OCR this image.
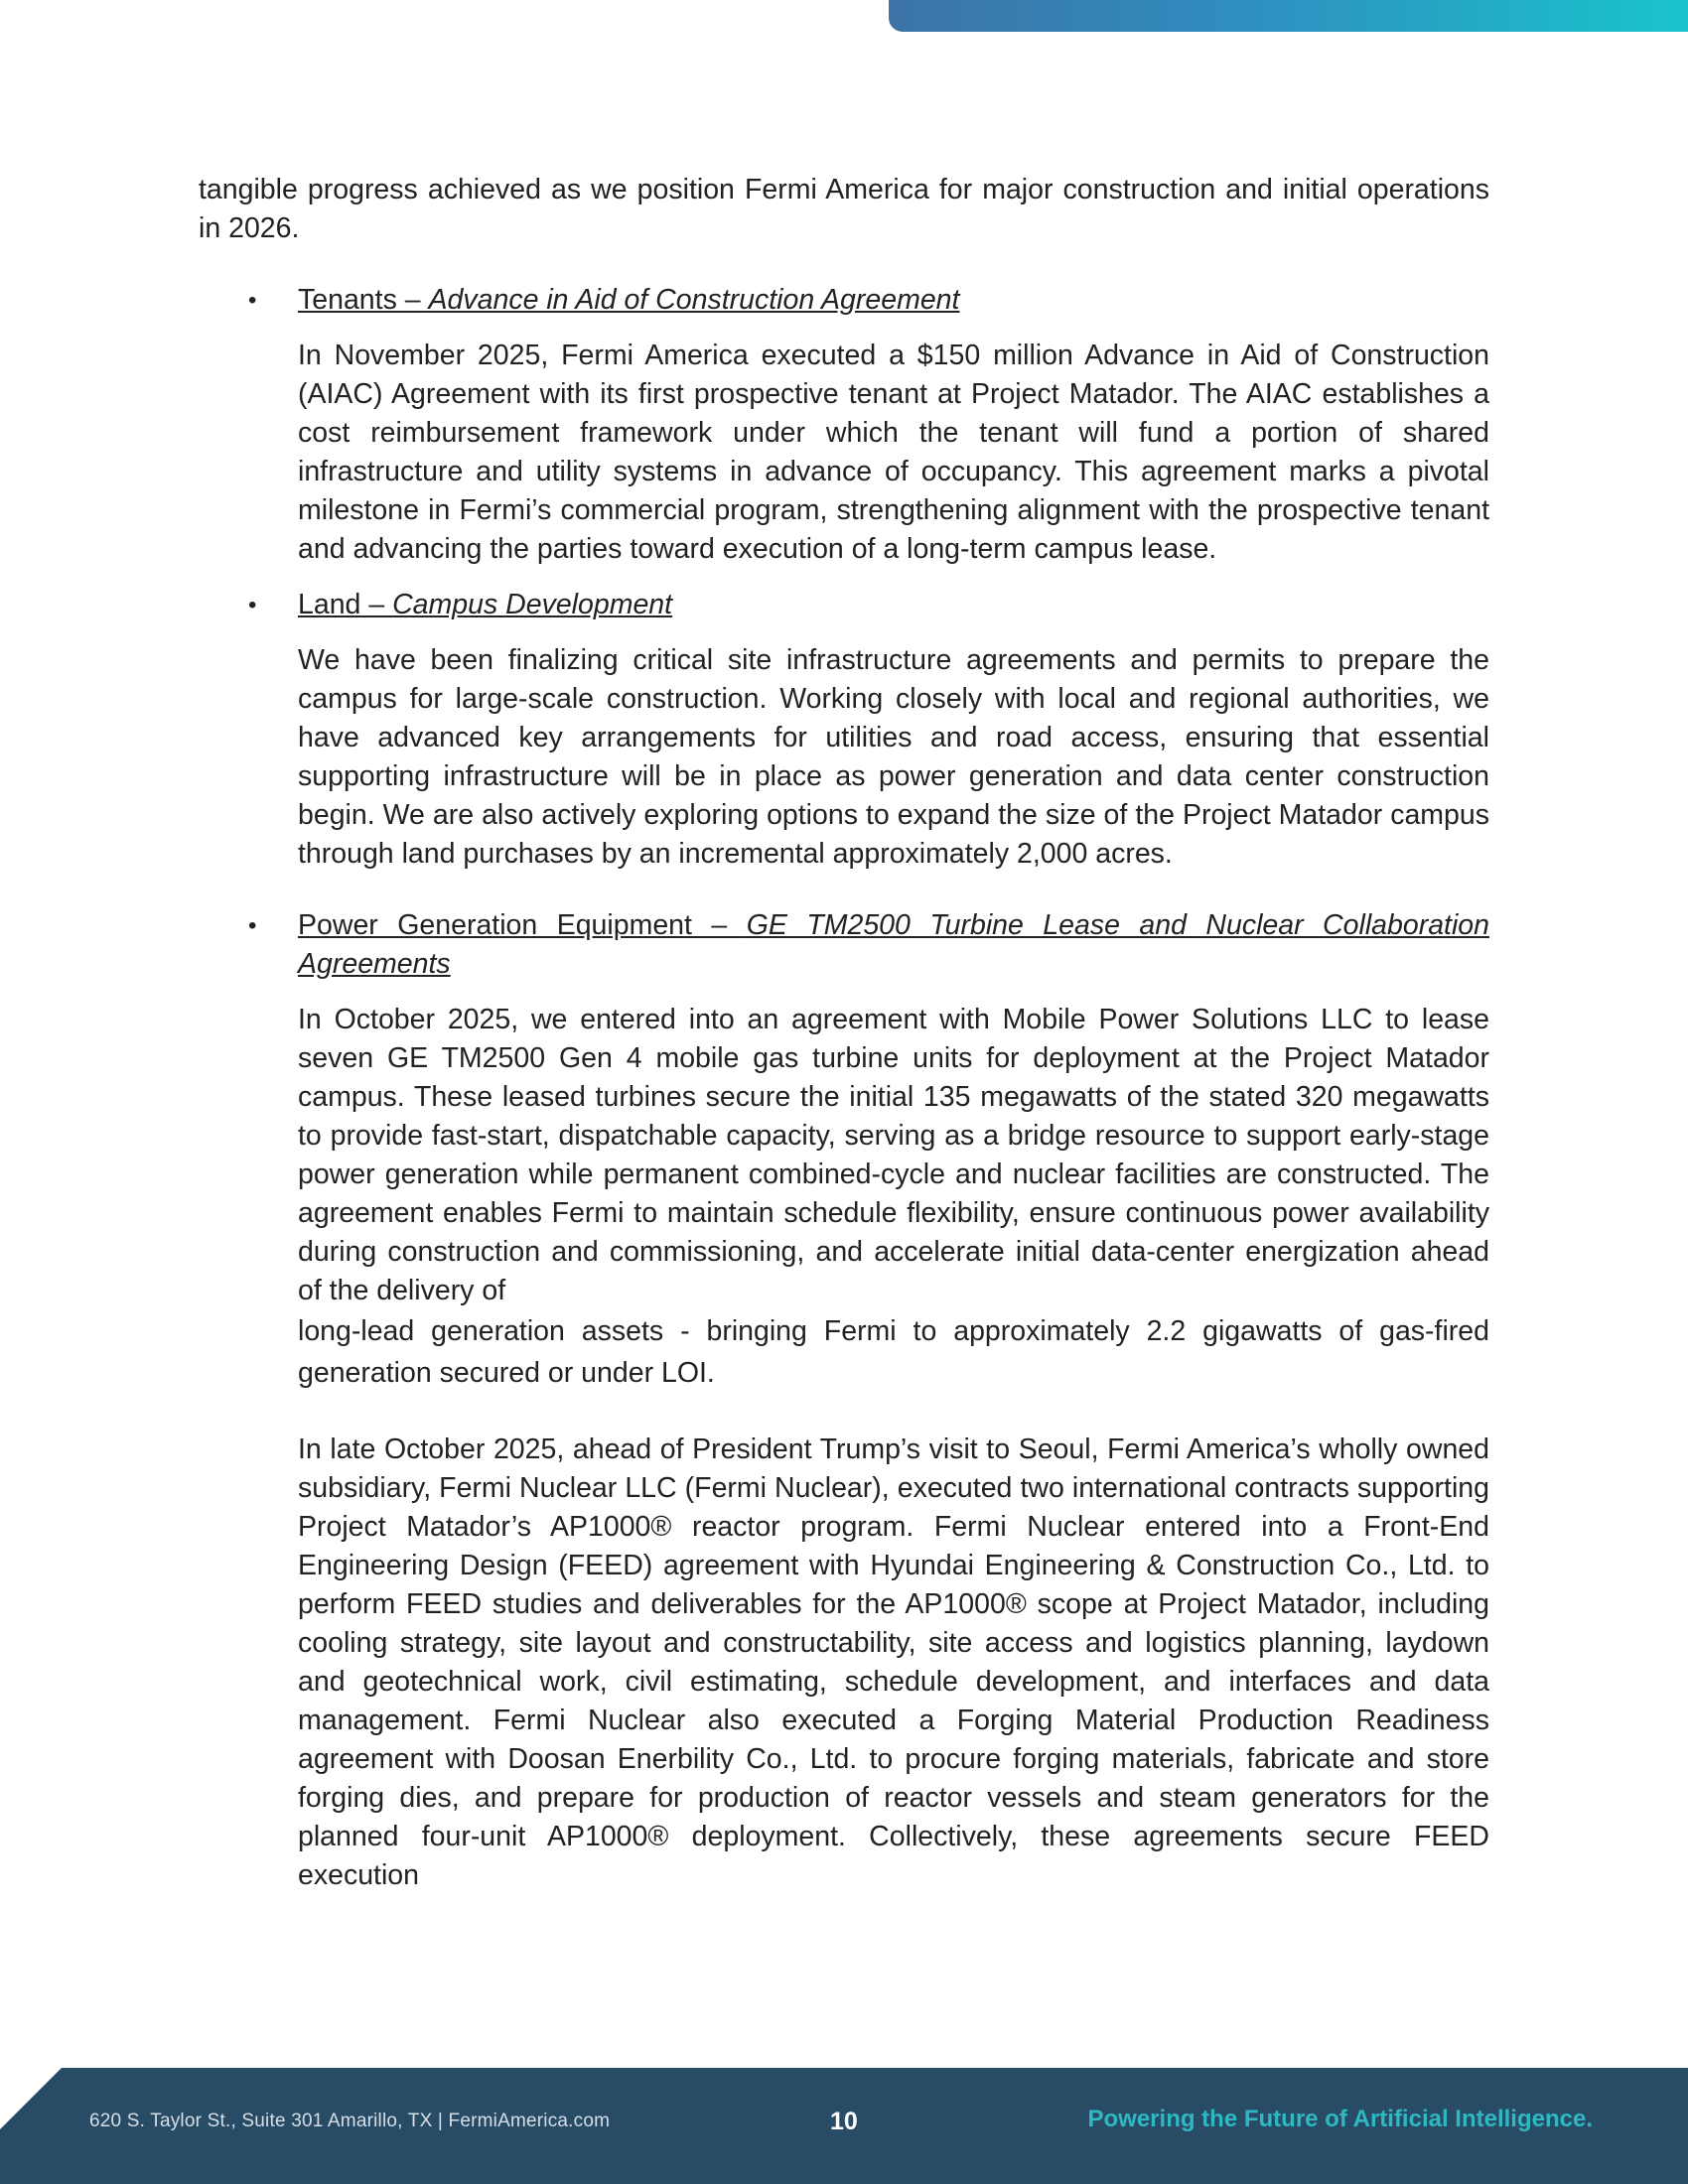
tangible progress achieved as we position Fermi America for major construction and initial operations in 2026.

•	Tenants – Advance in Aid of Construction Agreement

In November 2025, Fermi America executed a $150 million Advance in Aid of Construction (AIAC) Agreement with its first prospective tenant at Project Matador. The AIAC establishes a cost reimbursement framework under which the tenant will fund a portion of shared infrastructure and utility systems in advance of occupancy. This agreement marks a pivotal milestone in Fermi’s commercial program, strengthening alignment with the prospective tenant and advancing the parties toward execution of a long-term campus lease.

•	Land – Campus Development

We have been finalizing critical site infrastructure agreements and permits to prepare the campus for large-scale construction. Working closely with local and regional authorities, we have advanced key arrangements for utilities and road access, ensuring that essential supporting infrastructure will be in place as power generation and data center construction begin. We are also actively exploring options to expand the size of the Project Matador campus through land purchases by an incremental approximately 2,000 acres.

•	Power Generation Equipment – GE TM2500 Turbine Lease and Nuclear Collaboration Agreements

In October 2025, we entered into an agreement with Mobile Power Solutions LLC to lease seven GE TM2500 Gen 4 mobile gas turbine units for deployment at the Project Matador campus. These leased turbines secure the initial 135 megawatts of the stated 320 megawatts to provide fast-start, dispatchable capacity, serving as a bridge resource to support early-stage power generation while permanent combined-cycle and nuclear facilities are constructed. The agreement enables Fermi to maintain schedule flexibility, ensure continuous power availability during construction and commissioning, and accelerate initial data-center energization ahead of the delivery of

long-lead generation assets - bringing Fermi to approximately 2.2 gigawatts of gas-fired generation secured or under LOI.

In late October 2025, ahead of President Trump’s visit to Seoul, Fermi America’s wholly owned subsidiary, Fermi Nuclear LLC (Fermi Nuclear), executed two international contracts supporting Project Matador’s AP1000® reactor program. Fermi Nuclear entered into a Front-End Engineering Design (FEED) agreement with Hyundai Engineering & Construction Co., Ltd. to perform FEED studies and deliverables for the AP1000® scope at Project Matador, including cooling strategy, site layout and constructability, site access and logistics planning, laydown and geotechnical work, civil estimating, schedule development, and interfaces and data management. Fermi Nuclear also executed a Forging Material Production Readiness agreement with Doosan Enerbility Co., Ltd. to procure forging materials, fabricate and store forging dies, and prepare for production of reactor vessels and steam generators for the planned four-unit AP1000® deployment. Collectively, these agreements secure FEED execution

620 S. Taylor St., Suite 301 Amarillo, TX | FermiAmerica.com	10	Powering the Future of Artificial Intelligence.
